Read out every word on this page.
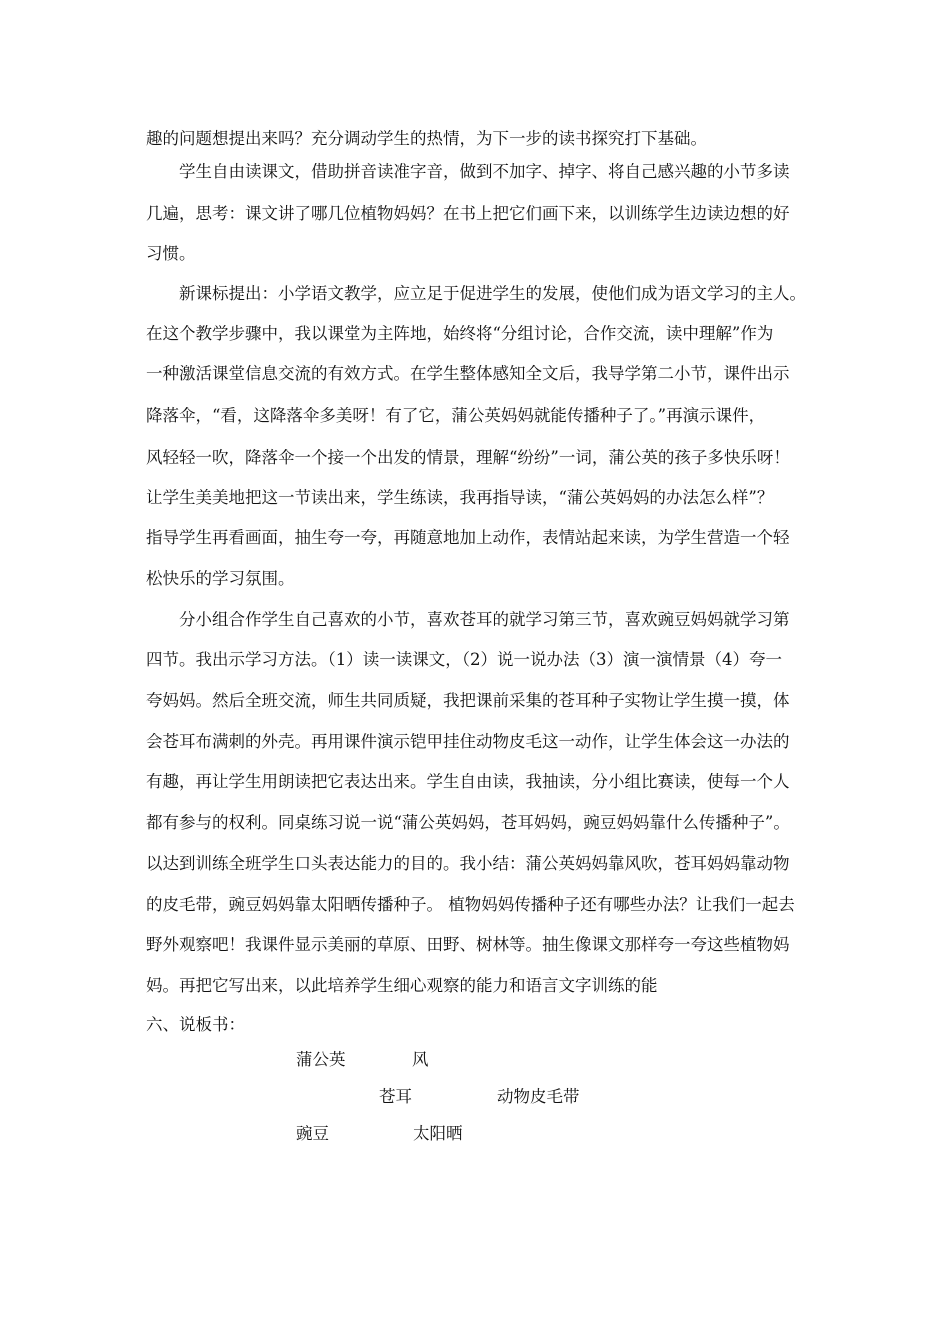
趣的问题想提出来吗？充分调动学生的热情，为下一步的读书探究打下基础。
学生自由读课文，借助拼音读准字音，做到不加字、掉字、将自己感兴趣的小节多读
几遍，思考：课文讲了哪几位植物妈妈？在书上把它们画下来，以训练学生边读边想的好
习惯。
新课标提出：小学语文教学，应立足于促进学生的发展，使他们成为语文学习的主人。
在这个教学步骤中，我以课堂为主阵地，始终将“分组讨论，合作交流，读中理解”作为
一种激活课堂信息交流的有效方式。在学生整体感知全文后，我导学第二小节，课件出示
降落伞，“看，这降落伞多美呀！有了它，蒲公英妈妈就能传播种子了。”再演示课件，
风轻轻一吹，降落伞一个接一个出发的情景，理解“纷纷”一词，蒲公英的孩子多快乐呀！
让学生美美地把这一节读出来，学生练读，我再指导读，“蒲公英妈妈的办法怎么样”？
指导学生再看画面，抽生夸一夸，再随意地加上动作，表情站起来读，为学生营造一个轻
松快乐的学习氛围。
分小组合作学生自己喜欢的小节，喜欢苍耳的就学习第三节，喜欢豌豆妈妈就学习第
四节。我出示学习方法。（1）读一读课文，（2）说一说办法（3）演一演情景（4）夸一
夸妈妈。然后全班交流，师生共同质疑，我把课前采集的苍耳种子实物让学生摸一摸，体
会苍耳布满刺的外壳。再用课件演示铠甲挂住动物皮毛这一动作，让学生体会这一办法的
有趣，再让学生用朗读把它表达出来。学生自由读，我抽读，分小组比赛读，使每一个人
都有参与的权利。同桌练习说一说“蒲公英妈妈，苍耳妈妈，豌豆妈妈靠什么传播种子”。
以达到训练全班学生口头表达能力的目的。我小结：蒲公英妈妈靠风吹，苍耳妈妈靠动物
的皮毛带，豌豆妈妈靠太阳晒传播种子。 植物妈妈传播种子还有哪些办法？让我们一起去
野外观察吧！我课件显示美丽的草原、田野、树林等。抽生像课文那样夸一夸这些植物妈
妈。再把它写出来，以此培养学生细心观察的能力和语言文字训练的能
六、说板书：
蒲公英	风
苍耳	动物皮毛带
豌豆	太阳晒
